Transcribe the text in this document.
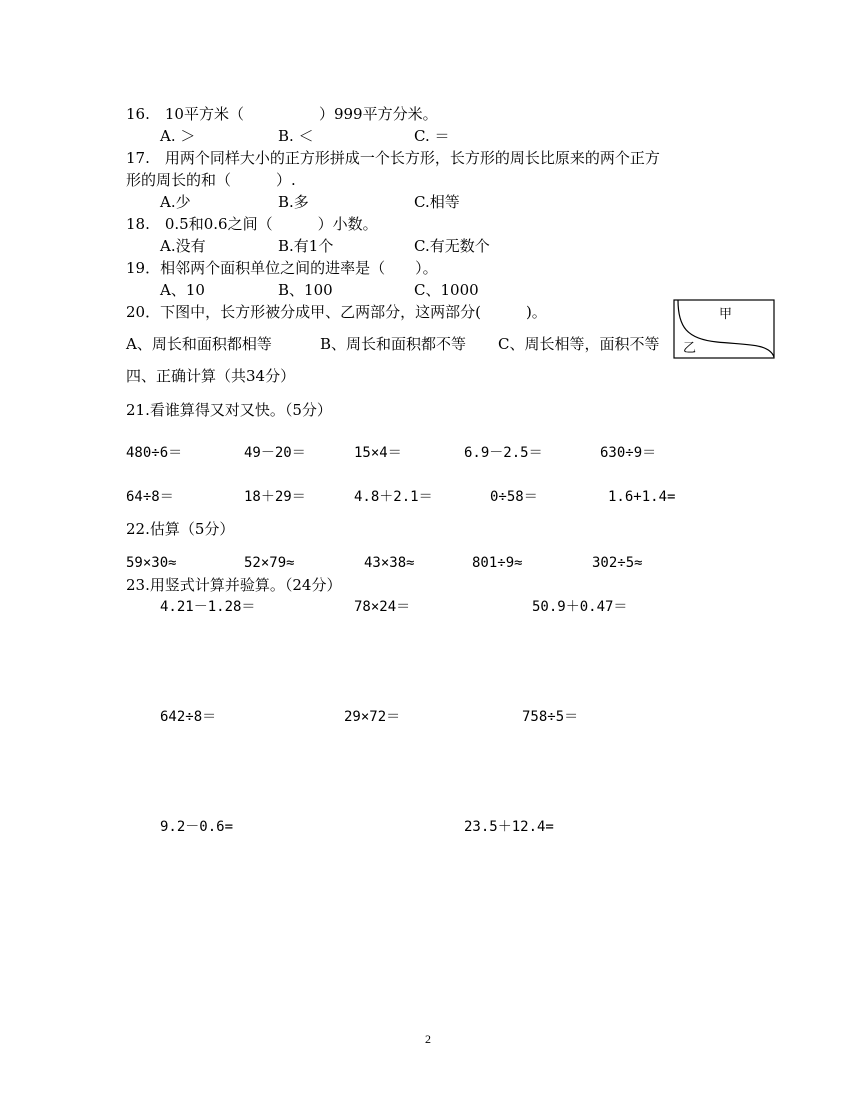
16.　10平方米（　　　　　）999平方分米。
A. ＞	B. ＜	C. ＝
17.　用两个同样大小的正方形拼成一个长方形，长方形的周长比原来的两个正方
形的周长的和（　　　）.
A.少	B.多	C.相等
18.　0.5和0.6之间（　　　）小数。
A.没有	B.有1个	C.有无数个
19．相邻两个面积单位之间的进率是（　　）。
A、10	B、100	C、1000
20．下图中，长方形被分成甲、乙两部分，这两部分(　　　)。
A、周长和面积都相等	B、周长和面积都不等 C、周长相等，面积不等
甲
乙
四、正确计算（共34分）
21.看谁算得又对又快。（5分）
480÷6＝	49－20＝	15×4＝	6.9－2.5＝	630÷9＝
64÷8＝	18＋29＝	4.8＋2.1＝	0÷58＝	1.6+1.4=
22.估算（5分）
59×30≈	52×79≈	43×38≈	801÷9≈	302÷5≈
23.用竖式计算并验算。（24分）
4.21－1.28＝	78×24＝	50.9＋0.47＝
642÷8＝	29×72＝	758÷5＝
9.2－0.6=	23.5＋12.4=
2
